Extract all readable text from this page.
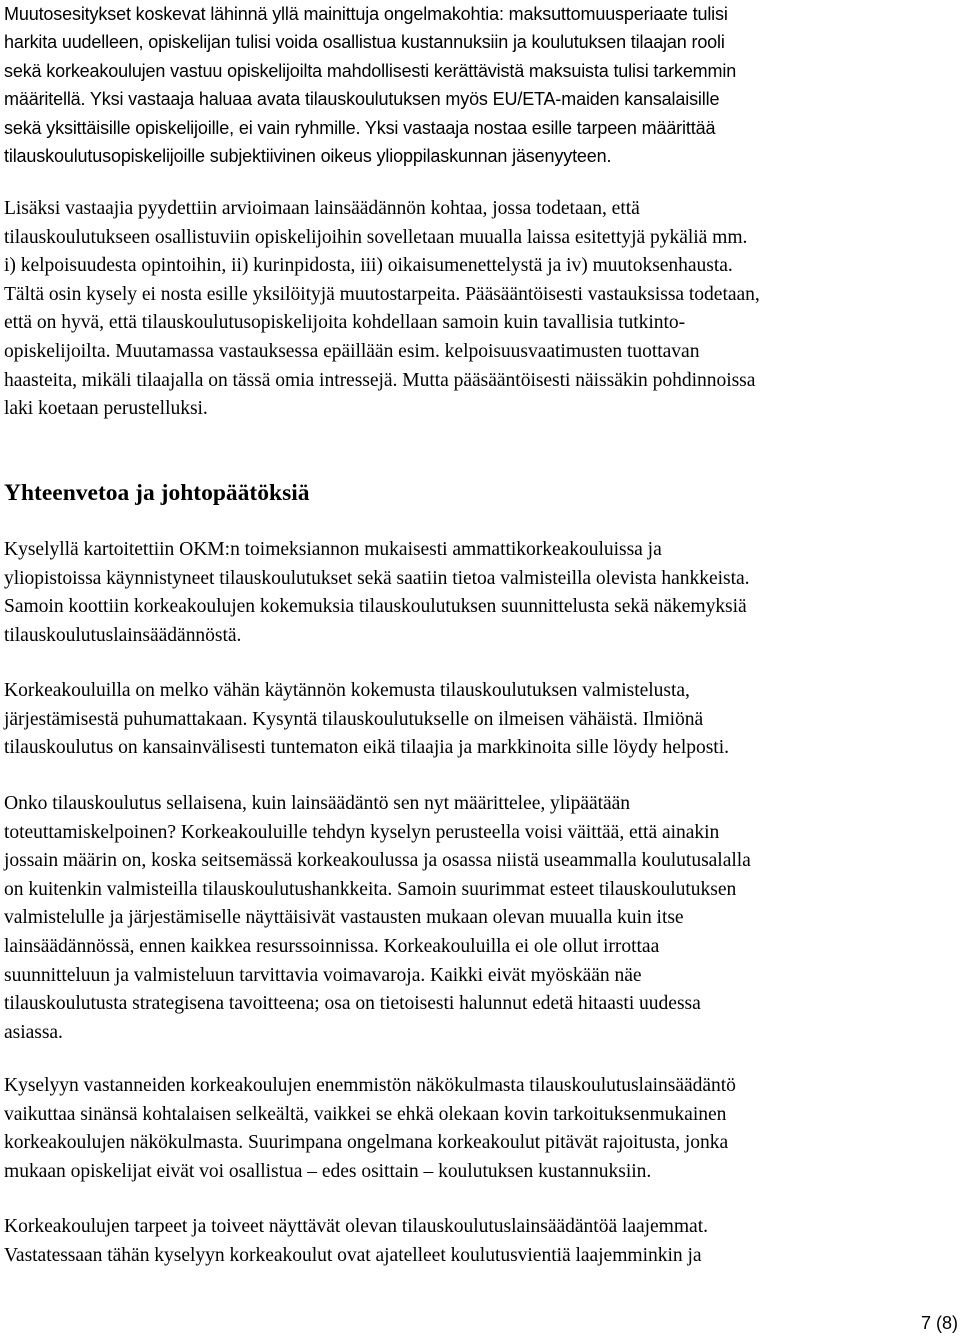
Muutosesitykset koskevat lähinnä yllä mainittuja ongelmakohtia: maksuttomuusperiaate tulisi
harkita uudelleen, opiskelijan tulisi voida osallistua kustannuksiin ja koulutuksen tilaajan rooli
sekä korkeakoulujen vastuu opiskelijoilta mahdollisesti kerättävistä maksuista tulisi tarkemmin
määritellä. Yksi vastaaja haluaa avata tilauskoulutuksen myös EU/ETA-maiden kansalaisille
sekä yksittäisille opiskelijoille, ei vain ryhmille. Yksi vastaaja nostaa esille tarpeen määrittää
tilauskoulutusopiskelijoille subjektiivinen oikeus ylioppilaskunnan jäsenyyteen.
Lisäksi vastaajia pyydettiin arvioimaan lainsäädännön kohtaa, jossa todetaan, että
tilauskoulutukseen osallistuviin opiskelijoihin sovelletaan muualla laissa esitettyjä pykäliä mm.
i) kelpoisuudesta opintoihin, ii) kurinpidosta, iii) oikaisumenettelystä ja iv) muutoksenhausta.
Tältä osin kysely ei nosta esille yksilöityjä muutostarpeita. Pääsääntöisesti vastauksissa todetaan,
että on hyvä, että tilauskoulutusopiskelijoita kohdellaan samoin kuin tavallisia tutkinto-
opiskelijoilta. Muutamassa vastauksessa epäillään esim. kelpoisuusvaatimusten tuottavan
haasteita, mikäli tilaajalla on tässä omia intressejä. Mutta pääsääntöisesti näissäkin pohdinnoissa
laki koetaan perustelluksi.
Yhteenvetoa ja johtopäätöksiä
Kyselyllä kartoitettiin OKM:n toimeksiannon mukaisesti ammattikorkeakouluissa ja
yliopistoissa käynnistyneet tilauskoulutukset sekä saatiin tietoa valmisteilla olevista hankkeista.
Samoin koottiin korkeakoulujen kokemuksia tilauskoulutuksen suunnittelusta sekä näkemyksiä
tilauskoulutuslainsäädännöstä.
Korkeakouluilla on melko vähän käytännön kokemusta tilauskoulutuksen valmistelusta,
järjestämisestä puhumattakaan. Kysyntä tilauskoulutukselle on ilmeisen vähäistä. Ilmiönä
tilauskoulutus on kansainvälisesti tuntematon eikä tilaajia ja markkinoita sille löydy helposti.
Onko tilauskoulutus sellaisena, kuin lainsäädäntö sen nyt määrittelee, ylipäätään
toteuttamiskelpoinen? Korkeakouluille tehdyn kyselyn perusteella voisi väittää, että ainakin
jossain määrin on, koska seitsemässä korkeakoulussa ja osassa niistä useammalla koulutusalalla
on kuitenkin valmisteilla tilauskoulutushankkeita. Samoin suurimmat esteet tilauskoulutuksen
valmistelulle ja järjestämiselle näyttäisivät vastausten mukaan olevan muualla kuin itse
lainsäädännössä, ennen kaikkea resurssoinnissa. Korkeakouluilla ei ole ollut irrottaa
suunnitteluun ja valmisteluun tarvittavia voimavaroja. Kaikki eivät myöskään näe
tilauskoulutusta strategisena tavoitteena; osa on tietoisesti halunnut edetä hitaasti uudessa
asiassa.
Kyselyyn vastanneiden korkeakoulujen enemmistön näkökulmasta tilauskoulutuslainsäädäntö
vaikuttaa sinänsä kohtalaisen selkeältä, vaikkei se ehkä olekaan kovin tarkoituksenmukainen
korkeakoulujen näkökulmasta. Suurimpana ongelmana korkeakoulut pitävät rajoitusta, jonka
mukaan opiskelijat eivät voi osallistua – edes osittain – koulutuksen kustannuksiin.
Korkeakoulujen tarpeet ja toiveet näyttävät olevan tilauskoulutuslainsäädäntöä laajemmat.
Vastatessaan tähän kyselyyn korkeakoulut ovat ajatelleet koulutusvientiä laajemminkin ja
7 (8)
